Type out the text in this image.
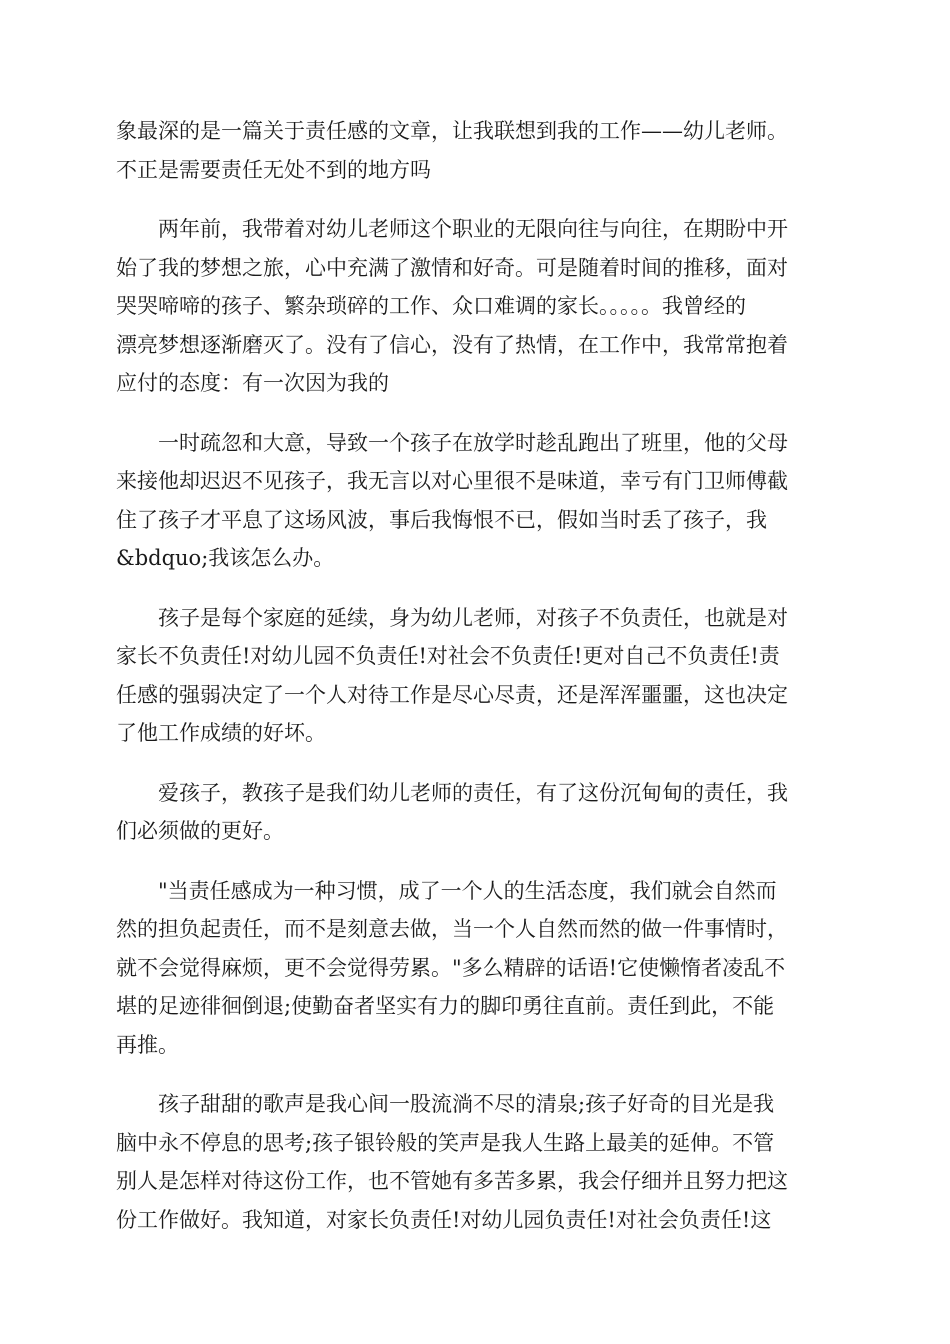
象最深的是一篇关于责任感的文章，让我联想到我的工作——幼儿老师。
不正是需要责任无处不到的地方吗

两年前，我带着对幼儿老师这个职业的无限向往与向往，在期盼中开
始了我的梦想之旅，心中充满了激情和好奇。可是随着时间的推移，面对
哭哭啼啼的孩子、繁杂琐碎的工作、众口难调的家长。。。。。我曾经的
漂亮梦想逐渐磨灭了。没有了信心，没有了热情，在工作中，我常常抱着
应付的态度：有一次因为我的

一时疏忽和大意，导致一个孩子在放学时趁乱跑出了班里，他的父母
来接他却迟迟不见孩子，我无言以对心里很不是味道，幸亏有门卫师傅截
住了孩子才平息了这场风波，事后我悔恨不已，假如当时丢了孩子，我
&bdquo;我该怎么办。

孩子是每个家庭的延续，身为幼儿老师，对孩子不负责任，也就是对
家长不负责任!对幼儿园不负责任!对社会不负责任!更对自己不负责任!责
任感的强弱决定了一个人对待工作是尽心尽责，还是浑浑噩噩，这也决定
了他工作成绩的好坏。

爱孩子，教孩子是我们幼儿老师的责任，有了这份沉甸甸的责任，我
们必须做的更好。

"当责任感成为一种习惯，成了一个人的生活态度，我们就会自然而
然的担负起责任，而不是刻意去做，当一个人自然而然的做一件事情时，
就不会觉得麻烦，更不会觉得劳累。"多么精辟的话语!它使懒惰者凌乱不
堪的足迹徘徊倒退;使勤奋者坚实有力的脚印勇往直前。责任到此，不能
再推。

孩子甜甜的歌声是我心间一股流淌不尽的清泉;孩子好奇的目光是我
脑中永不停息的思考;孩子银铃般的笑声是我人生路上最美的延伸。不管
别人是怎样对待这份工作，也不管她有多苦多累，我会仔细并且努力把这
份工作做好。我知道，对家长负责任!对幼儿园负责任!对社会负责任!这
